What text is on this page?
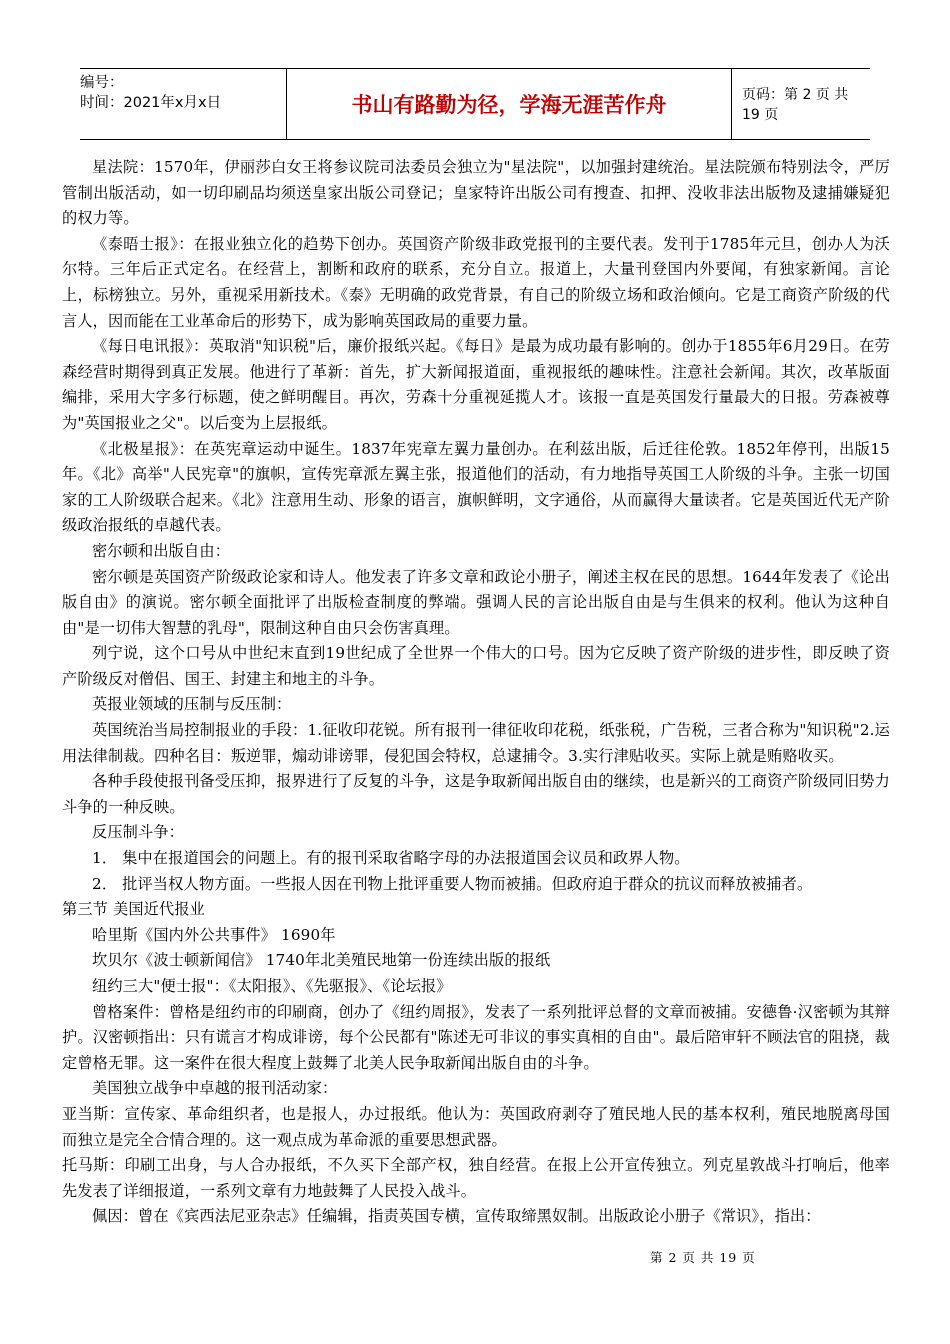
编号：
时间：2021年x月x日	书山有路勤为径，学海无涯苦作舟	页码：第 2 页 共 19 页

星法院：1570年，伊丽莎白女王将参议院司法委员会独立为"星法院"，以加强封建统治。星法院颁布特别法令，严厉管制出版活动，如一切印刷品均须送皇家出版公司登记；皇家特许出版公司有搜查、扣押、没收非法出版物及逮捕嫌疑犯的权力等。

《泰晤士报》：在报业独立化的趋势下创办。英国资产阶级非政党报刊的主要代表。发刊于1785年元旦，创办人为沃尔特。三年后正式定名。在经营上，割断和政府的联系，充分自立。报道上，大量刊登国内外要闻，有独家新闻。言论上，标榜独立。另外，重视采用新技术。《泰》无明确的政党背景，有自己的阶级立场和政治倾向。它是工商资产阶级的代言人，因而能在工业革命后的形势下，成为影响英国政局的重要力量。

《每日电讯报》：英取消"知识税"后，廉价报纸兴起。《每日》是最为成功最有影响的。创办于1855年6月29日。在劳森经营时期得到真正发展。他进行了革新：首先，扩大新闻报道面，重视报纸的趣味性。注意社会新闻。其次，改革版面编排，采用大字多行标题，使之鲜明醒目。再次，劳森十分重视延揽人才。该报一直是英国发行量最大的日报。劳森被尊为"英国报业之父"。以后变为上层报纸。

《北极星报》：在英宪章运动中诞生。1837年宪章左翼力量创办。在利兹出版，后迁往伦敦。1852年停刊，出版15年。《北》高举"人民宪章"的旗帜，宣传宪章派左翼主张，报道他们的活动，有力地指导英国工人阶级的斗争。主张一切国家的工人阶级联合起来。《北》注意用生动、形象的语言，旗帜鲜明，文字通俗，从而赢得大量读者。它是英国近代无产阶级政治报纸的卓越代表。

密尔顿和出版自由：

密尔顿是英国资产阶级政论家和诗人。他发表了许多文章和政论小册子，阐述主权在民的思想。1644年发表了《论出版自由》的演说。密尔顿全面批评了出版检查制度的弊端。强调人民的言论出版自由是与生俱来的权利。他认为这种自由"是一切伟大智慧的乳母"，限制这种自由只会伤害真理。

列宁说，这个口号从中世纪末直到19世纪成了全世界一个伟大的口号。因为它反映了资产阶级的进步性，即反映了资产阶级反对僧侣、国王、封建主和地主的斗争。

英报业领域的压制与反压制：

英国统治当局控制报业的手段：1.征收印花锐。所有报刊一律征收印花税，纸张税，广告税，三者合称为"知识税"2.运用法律制裁。四种名目：叛逆罪，煽动诽谤罪，侵犯国会特权，总逮捕令。3.实行津贴收买。实际上就是贿赂收买。

各种手段使报刊备受压抑，报界进行了反复的斗争，这是争取新闻出版自由的继续，也是新兴的工商资产阶级同旧势力斗争的一种反映。

反压制斗争：

1． 集中在报道国会的问题上。有的报刊采取省略字母的办法报道国会议员和政界人物。

2． 批评当权人物方面。一些报人因在刊物上批评重要人物而被捕。但政府迫于群众的抗议而释放被捕者。

第三节 美国近代报业

哈里斯《国内外公共事件》 1690年

坎贝尔《波士顿新闻信》 1740年北美殖民地第一份连续出版的报纸

纽约三大"便士报"：《太阳报》、《先驱报》、《论坛报》

曾格案件：曾格是纽约市的印刷商，创办了《纽约周报》，发表了一系列批评总督的文章而被捕。安德鲁·汉密顿为其辩护。汉密顿指出：只有谎言才构成诽谤，每个公民都有"陈述无可非议的事实真相的自由"。最后陪审轩不顾法官的阻挠，裁定曾格无罪。这一案件在很大程度上鼓舞了北美人民争取新闻出版自由的斗争。

美国独立战争中卓越的报刊活动家：

亚当斯：宣传家、革命组织者，也是报人，办过报纸。他认为：英国政府剥夺了殖民地人民的基本权利，殖民地脱离母国而独立是完全合情合理的。这一观点成为革命派的重要思想武器。

托马斯：印刷工出身，与人合办报纸，不久买下全部产权，独自经营。在报上公开宣传独立。列克星敦战斗打响后，他率先发表了详细报道，一系列文章有力地鼓舞了人民投入战斗。

佩因：曾在《宾西法尼亚杂志》任编辑，指责英国专横，宣传取缔黑奴制。出版政论小册子《常识》，指出：

第 2 页 共 19 页
